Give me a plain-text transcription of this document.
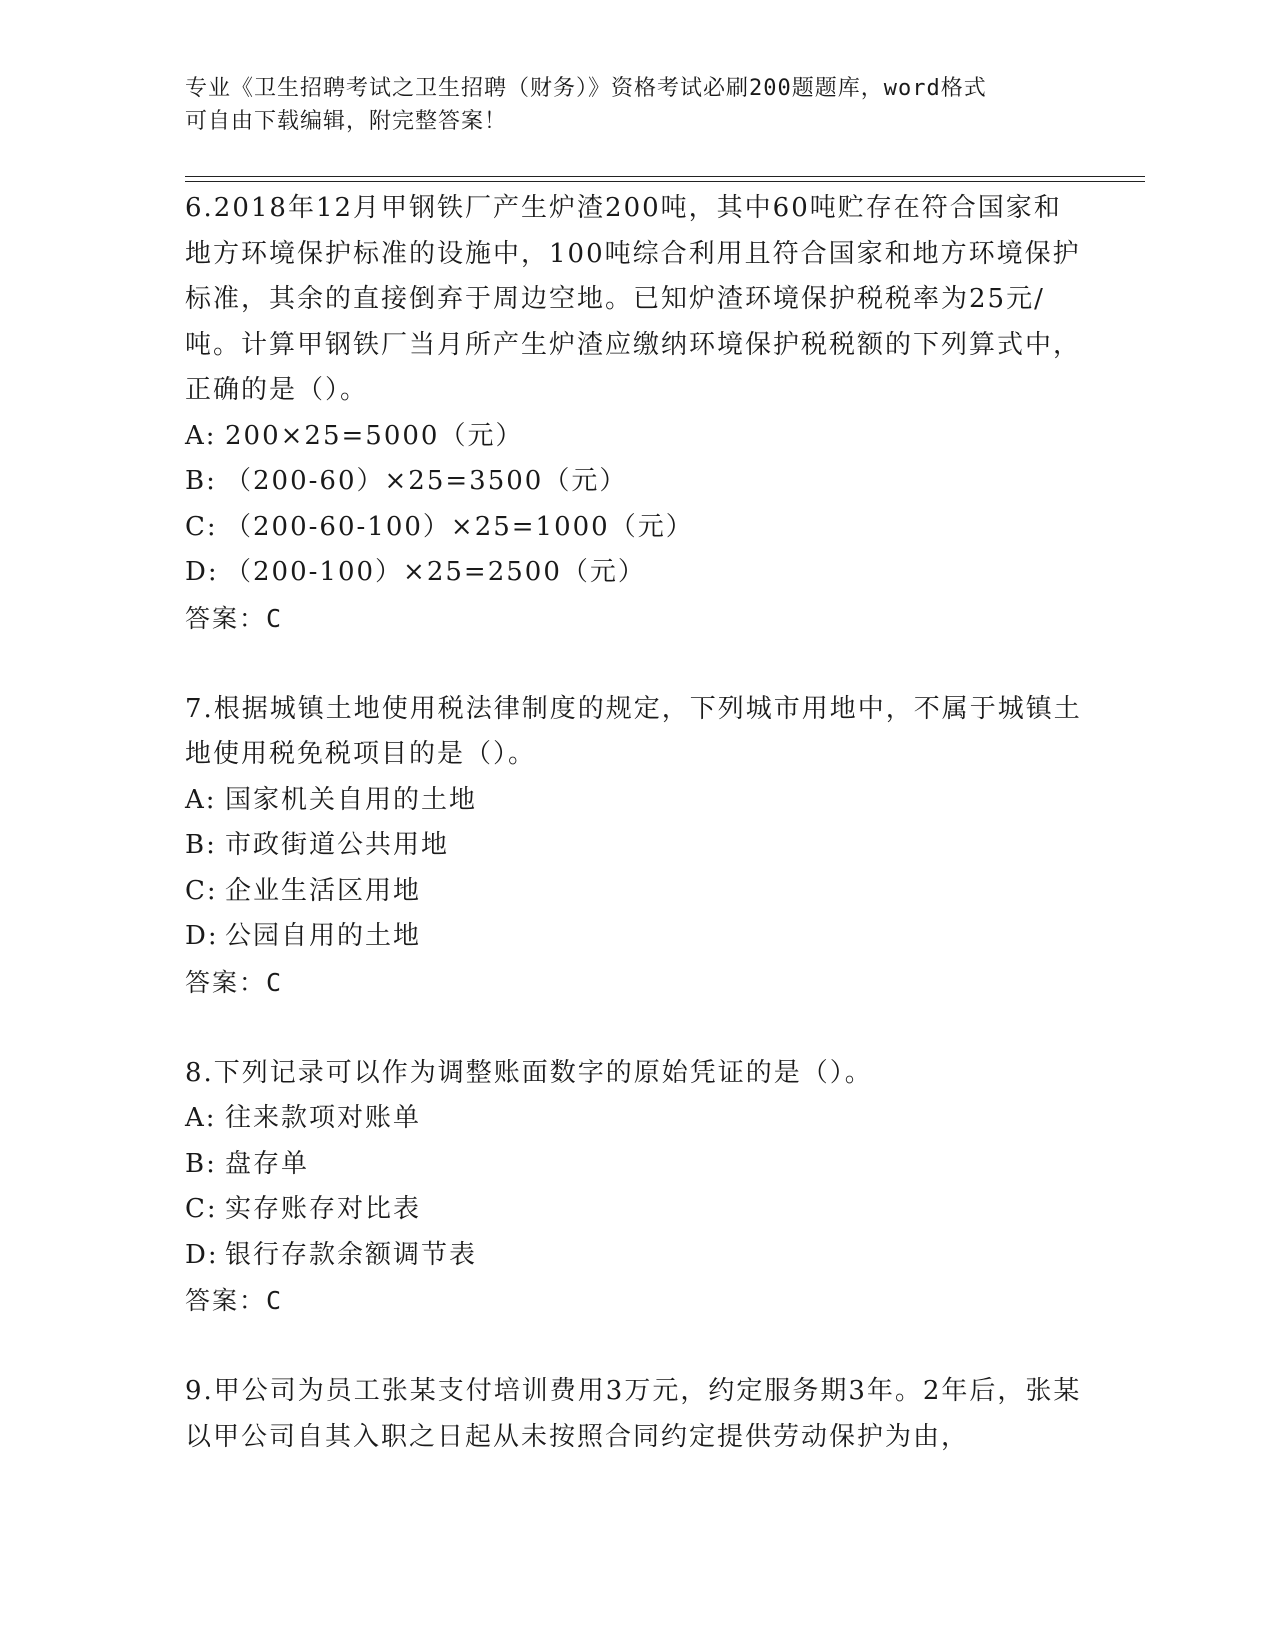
专业《卫生招聘考试之卫生招聘（财务）》资格考试必刷200题题库，word格式
可自由下载编辑，附完整答案！

6.2018年12月甲钢铁厂产生炉渣200吨，其中60吨贮存在符合国家和地方环境保护标准的设施中，100吨综合利用且符合国家和地方环境保护标准，其余的直接倒弃于周边空地。已知炉渣环境保护税税率为25元/吨。计算甲钢铁厂当月所产生炉渣应缴纳环境保护税税额的下列算式中，正确的是（）。

A: 200×25=5000（元）

B: （200-60）×25=3500（元）

C: （200-60-100）×25=1000（元）

D: （200-100）×25=2500（元）

答案：C

7.根据城镇土地使用税法律制度的规定，下列城市用地中，不属于城镇土地使用税免税项目的是（）。

A: 国家机关自用的土地

B: 市政街道公共用地

C: 企业生活区用地

D: 公园自用的土地

答案：C

8.下列记录可以作为调整账面数字的原始凭证的是（）。

A: 往来款项对账单

B: 盘存单

C: 实存账存对比表

D: 银行存款余额调节表

答案：C

9.甲公司为员工张某支付培训费用3万元，约定服务期3年。2年后，张某以甲公司自其入职之日起从未按照合同约定提供劳动保护为由，
